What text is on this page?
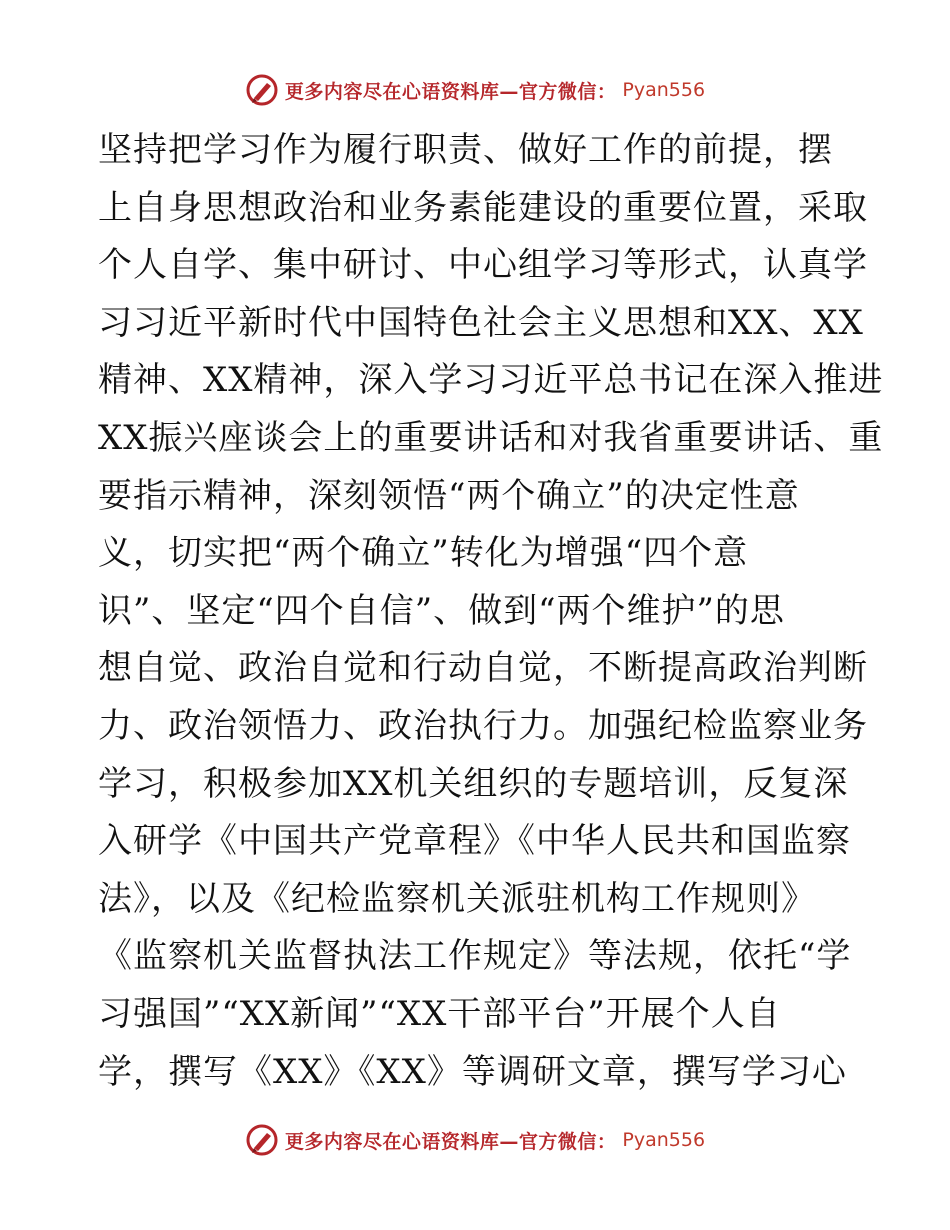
更多内容尽在心语资料库—官方微信： Pyan556
坚持把学习作为履行职责、做好工作的前提，摆
上自身思想政治和业务素能建设的重要位置，采取
个人自学、集中研讨、中心组学习等形式，认真学
习习近平新时代中国特色社会主义思想和XX、XX
精神、XX精神，深入学习习近平总书记在深入推进
XX振兴座谈会上的重要讲话和对我省重要讲话、重
要指示精神，深刻领悟“两个确立”的决定性意
义，切实把“两个确立”转化为增强“四个意
识”、坚定“四个自信”、做到“两个维护”的思
想自觉、政治自觉和行动自觉，不断提高政治判断
力、政治领悟力、政治执行力。加强纪检监察业务
学习，积极参加XX机关组织的专题培训，反复深
入研学《中国共产党章程》《中华人民共和国监察
法》，以及《纪检监察机关派驻机构工作规则》
《监察机关监督执法工作规定》等法规，依托“学
习强国”“XX新闻”“XX干部平台”开展个人自
学，撰写《XX》《XX》等调研文章，撰写学习心
更多内容尽在心语资料库—官方微信： Pyan556
